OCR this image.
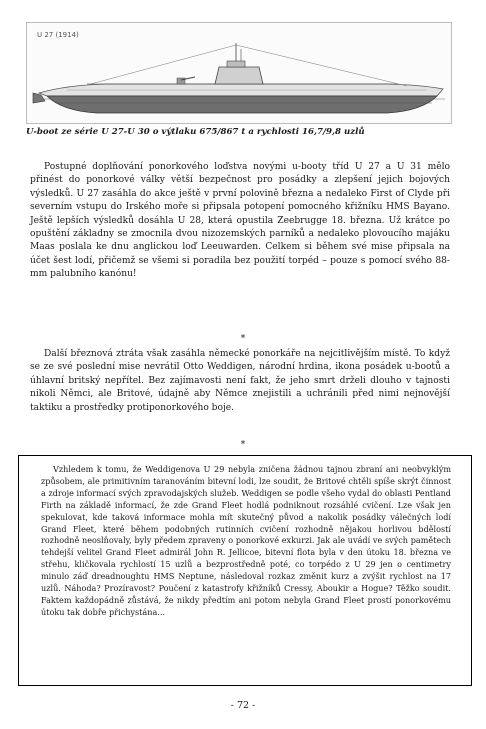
U 27 (1914)
U-boot ze série U 27-U 30 o výtlaku 675/867 t a rychlosti 16,7/9,8 uzlů

Postupné doplňování ponorkového loďstva novými u-booty tříd U 27 a U 31 mělo přinést do ponorkové války větší bezpečnost pro posádky a zlepšení jejich bojových výsledků. U 27 zasáhla do akce ještě v první polovině března a nedaleko First of Clyde při severním vstupu do Irského moře si připsala potopení pomocného křižníku HMS Bayano. Ještě lepších výsledků dosáhla U 28, která opustila Zeebrugge 18. března. Už krátce po opuštění základny se zmocnila dvou nizozemských parníků a nedaleko plovoucího majáku Maas poslala ke dnu anglickou loď Leeuwarden. Celkem si během své mise připsala na účet šest lodí, přičemž se všemi si poradila bez použití torpéd – pouze s pomocí svého 88-mm palubního kanónu!

*

Další březnová ztráta však zasáhla německé ponorkáře na nejcitlivějším místě. To když se ze své poslední mise nevrátil Otto Weddigen, národní hrdina, ikona posádek u-bootů a úhlavní britský nepřítel. Bez zajímavosti není fakt, že jeho smrt drželi dlouho v tajnosti nikoli Němci, ale Britové, údajně aby Němce znejistili a uchránili před nimi nejnovější taktiku a prostředky protiponorkového boje.

*

Vzhledem k tomu, že Weddigenova U 29 nebyla zničena žádnou tajnou zbraní ani neobvyklým způsobem, ale primitivním taranováním bitevní lodi, lze soudit, že Britové chtěli spíše skrýt činnost a zdroje informací svých zpravodajských služeb. Weddigen se podle všeho vydal do oblasti Pentland Firth na základě informací, že zde Grand Fleet hodlá podniknout rozsáhlé cvičení. Lze však jen spekulovat, kde taková informace mohla mít skutečný původ a nakolik posádky válečných lodí Grand Fleet, které během podobných rutinních cvičení rozhodně nějakou horlivou bdělostí rozhodně neoslňovaly, byly předem zpraveny o ponorkové exkurzi. Jak ale uvádí ve svých pamětech tehdejší velitel Grand Fleet admirál John R. Jellicoe, bitevní flota byla v den útoku 18. března ve střehu, kličkovala rychlostí 15 uzlů a bezprostředně poté, co torpédo z U 29 jen o centimetry minulo záď dreadnoughtu HMS Neptune, následoval rozkaz změnit kurz a zvýšit rychlost na 17 uzlů. Náhoda? Prozíravost? Poučení z katastrofy křižníků Cressy, Aboukir a Hogue? Těžko soudit. Faktem každopádně zůstává, že nikdy předtím ani potom nebyla Grand Fleet prostí ponorkovému útoku tak dobře přichystána...

- 72 -
